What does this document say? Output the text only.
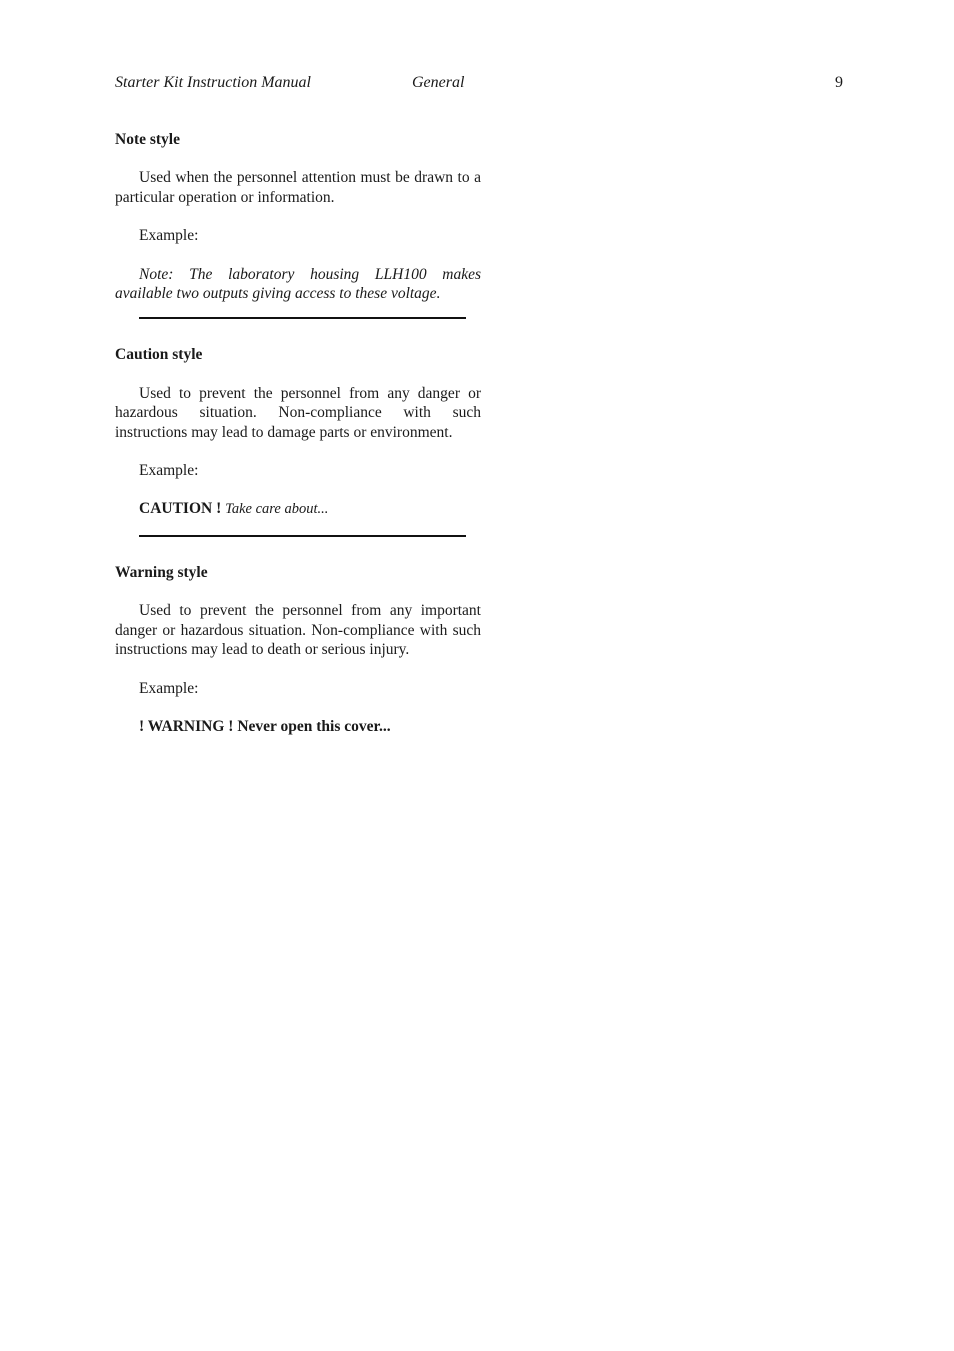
Starter Kit Instruction Manual	General	9
Note style

Used when the personnel attention must be drawn to a particular operation or information.

Example:

Note: The laboratory housing LLH100 makes available two outputs giving access to these voltage.

Caution style

Used to prevent the personnel from any danger or hazardous situation. Non-compliance with such instructions may lead to damage parts or environment.

Example:
CAUTION ! Take care about...
Warning style

Used to prevent the personnel from any important danger or hazardous situation. Non-compliance with such instructions may lead to death or serious injury.

Example:
! WARNING ! Never open this cover...
